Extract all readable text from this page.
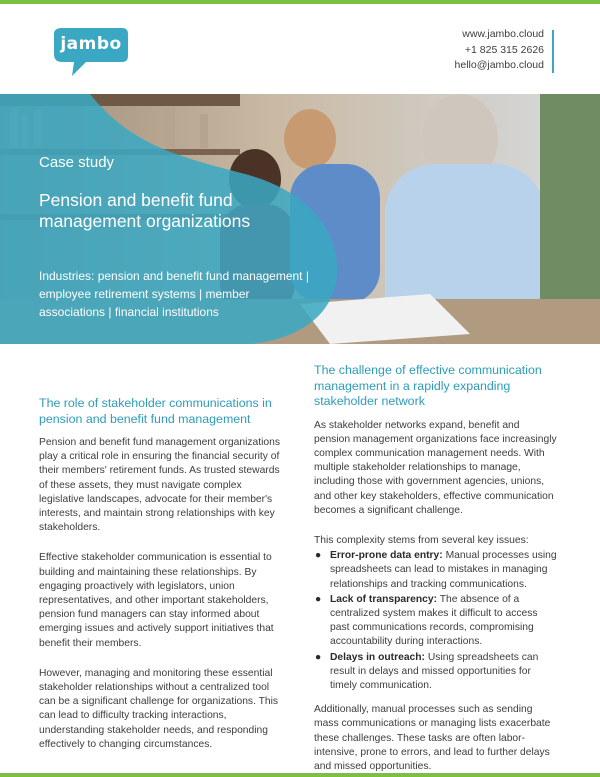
jambo	www.jambo.cloud
+1 825 315 2626
hello@jambo.cloud
Case study
Pension and benefit fund management organizations
Industries: pension and benefit fund management | employee retirement systems | member associations | financial institutions
The role of stakeholder communications in pension and benefit fund management

Pension and benefit fund management organizations play a critical role in ensuring the financial security of their members' retirement funds. As trusted stewards of these assets, they must navigate complex legislative landscapes, advocate for their member's interests, and maintain strong relationships with key stakeholders.

Effective stakeholder communication is essential to building and maintaining these relationships. By engaging proactively with legislators, union representatives, and other important stakeholders, pension fund managers can stay informed about emerging issues and actively support initiatives that benefit their members.

However, managing and monitoring these essential stakeholder relationships without a centralized tool can be a significant challenge for organizations. This can lead to difficulty tracking interactions, understanding stakeholder needs, and responding effectively to changing circumstances.

The challenge of effective communication management in a rapidly expanding stakeholder network

As stakeholder networks expand, benefit and pension management organizations face increasingly complex communication management needs. With multiple stakeholder relationships to manage, including those with government agencies, unions, and other key stakeholders, effective communication becomes a significant challenge.

This complexity stems from several key issues:

● Error-prone data entry: Manual processes using spreadsheets can lead to mistakes in managing relationships and tracking communications.
● Lack of transparency: The absence of a centralized system makes it difficult to access past communications records, compromising accountability during interactions.
● Delays in outreach: Using spreadsheets can result in delays and missed opportunities for timely communication.

Additionally, manual processes such as sending mass communications or managing lists exacerbate these challenges. These tasks are often labor-intensive, prone to errors, and lead to further delays and missed opportunities.
